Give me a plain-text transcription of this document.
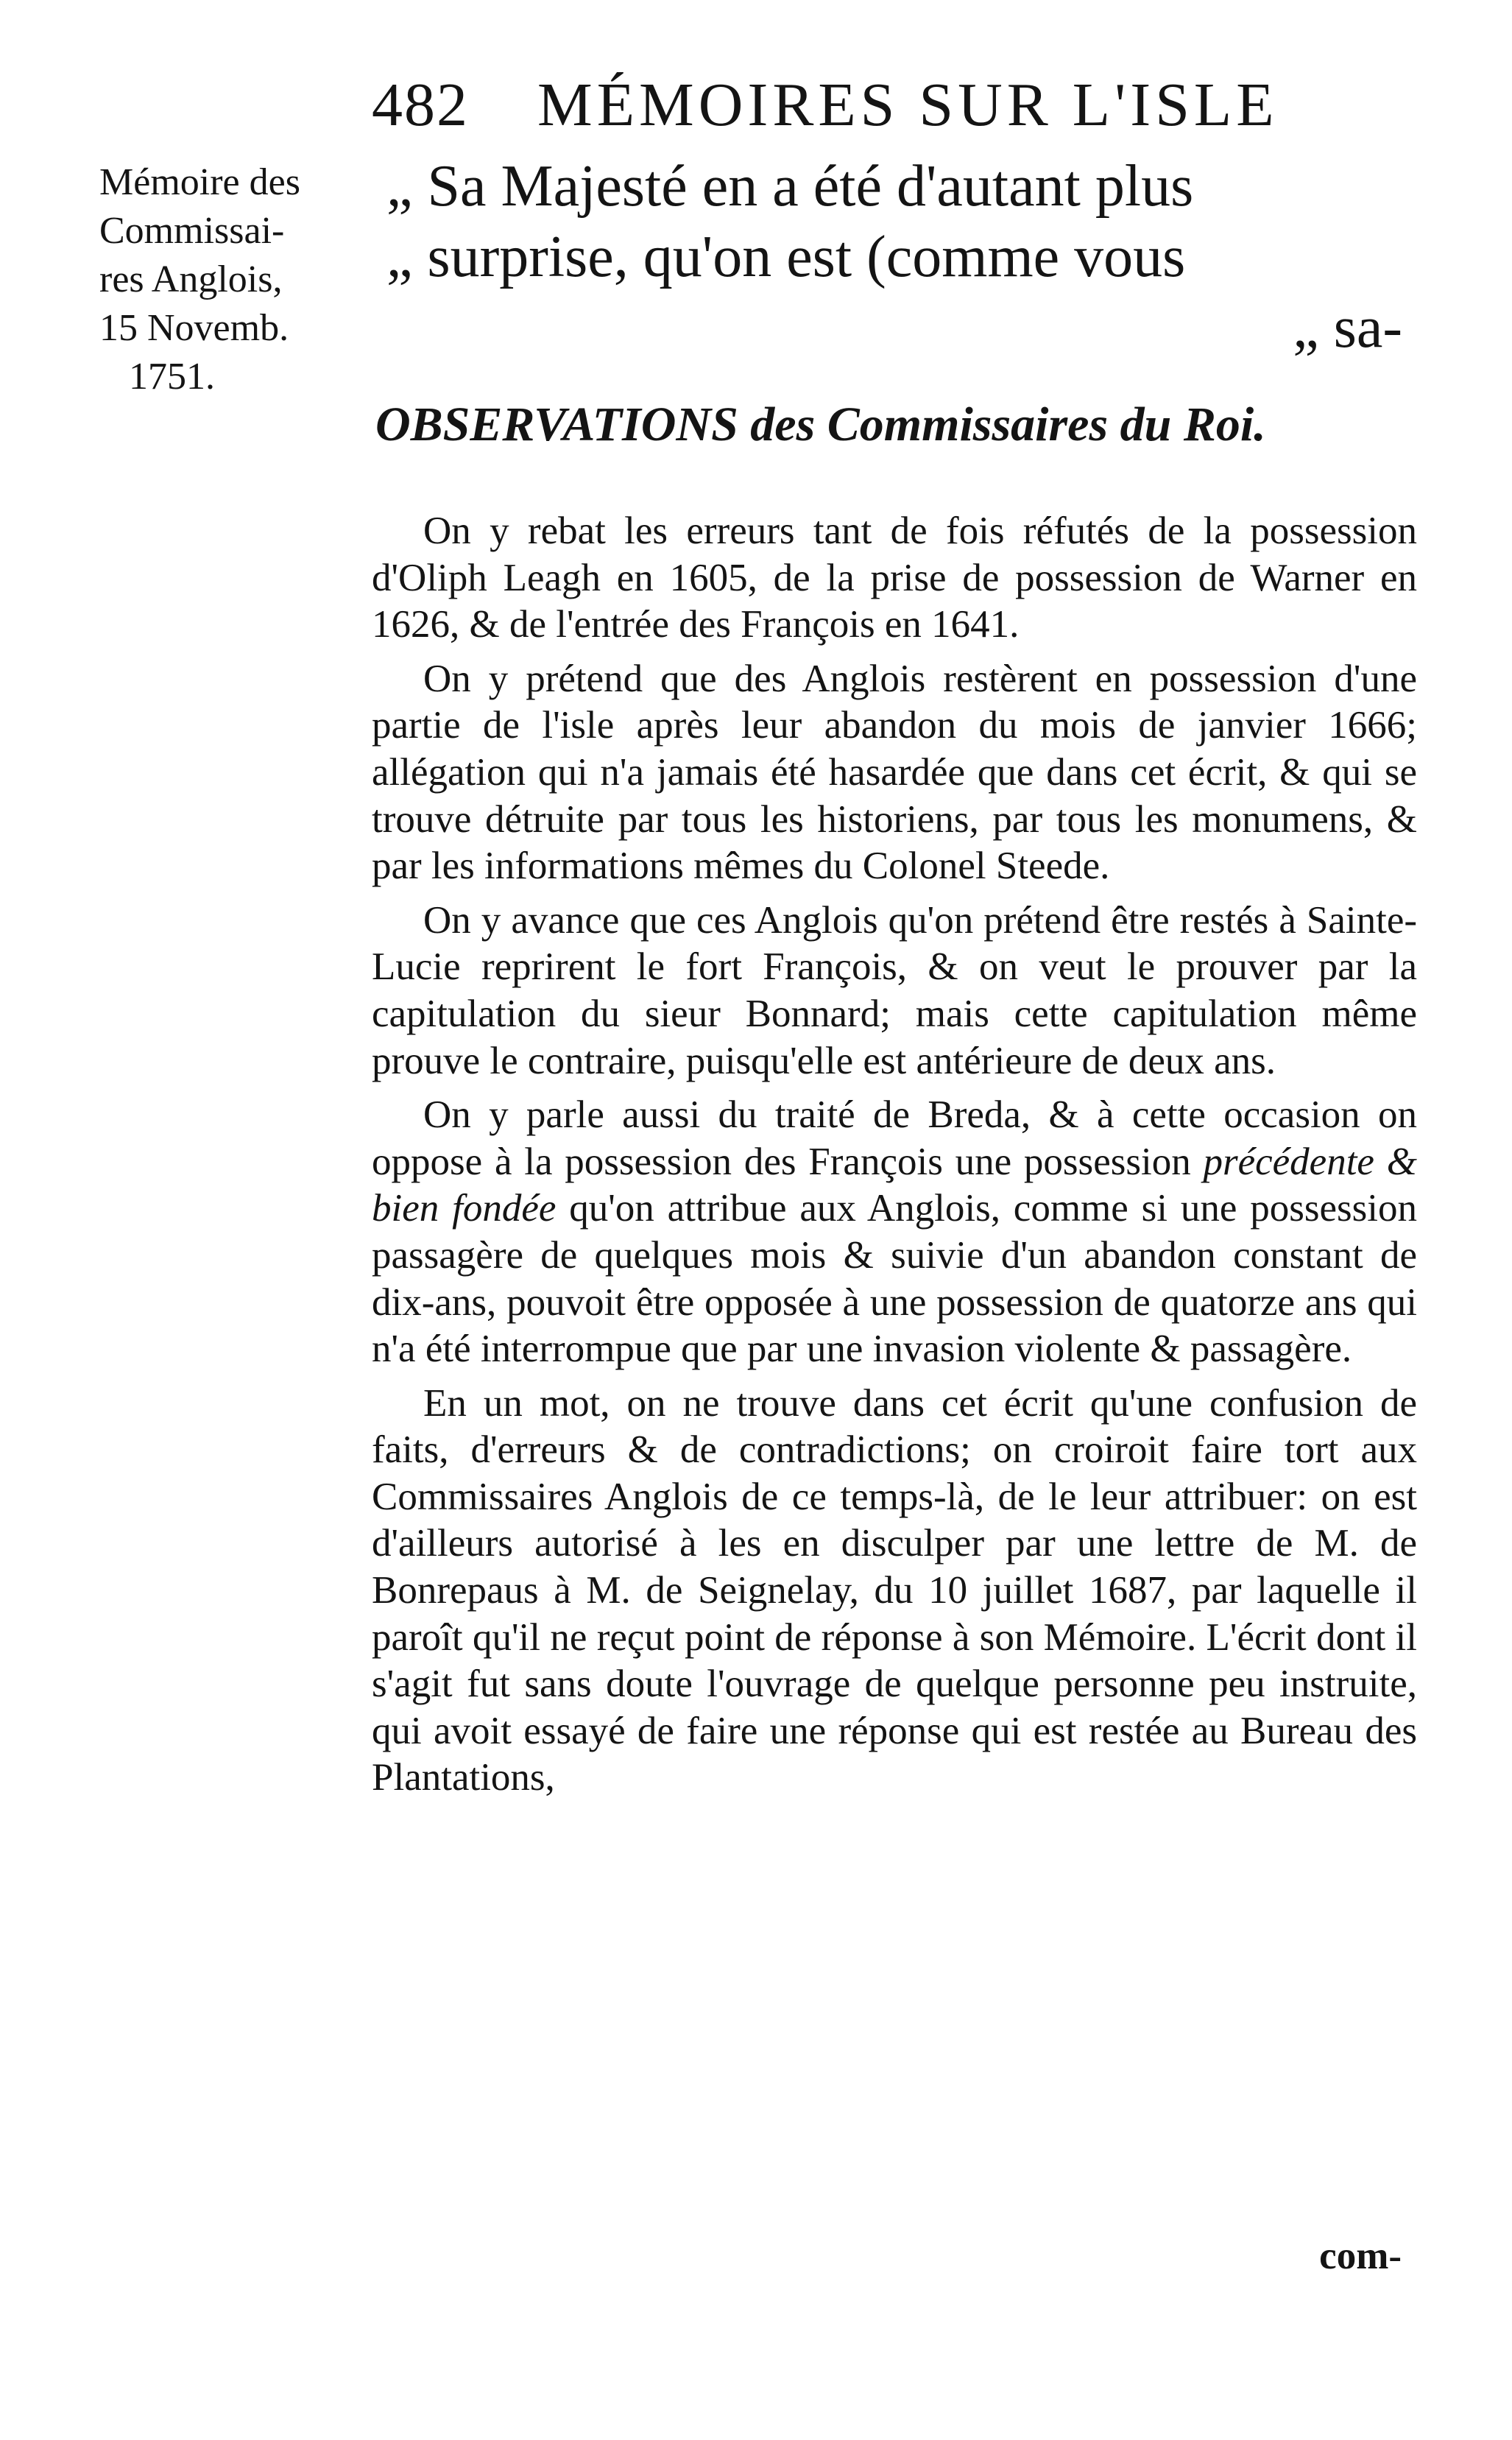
482 MÉMOIRES SUR L'ISLE
Mémoire des
Commissai-
res Anglois,
15 Novemb.
1751.
„ Sa Majesté en a été d'autant plus
„ surprise, qu'on est (comme vous
„ sa-
OBSERVATIONS des Commissaires du Roi.

On y rebat les erreurs tant de fois réfutés de la possession d'Oliph Leagh en 1605, de la prise de possession de Warner en 1626, & de l'entrée des François en 1641.

On y prétend que des Anglois restèrent en possession d'une partie de l'isle après leur abandon du mois de janvier 1666; allégation qui n'a jamais été hasardée que dans cet écrit, & qui se trouve détruite par tous les historiens, par tous les monumens, & par les informations mêmes du Colonel Steede.

On y avance que ces Anglois qu'on prétend être restés à Sainte-Lucie reprirent le fort François, & on veut le prouver par la capitulation du sieur Bonnard; mais cette capitulation même prouve le contraire, puisqu'elle est antérieure de deux ans.

On y parle aussi du traité de Breda, & à cette occasion on oppose à la possession des François une possession précédente & bien fondée qu'on attribue aux Anglois, comme si une possession passagère de quelques mois & suivie d'un abandon constant de dix-ans, pouvoit être opposée à une possession de quatorze ans qui n'a été interrompue que par une invasion violente & passagère.

En un mot, on ne trouve dans cet écrit qu'une confusion de faits, d'erreurs & de contradictions; on croiroit faire tort aux Commissaires Anglois de ce temps-là, de le leur attribuer: on est d'ailleurs autorisé à les en disculper par une lettre de M. de Bonrepaus à M. de Seignelay, du 10 juillet 1687, par laquelle il paroît qu'il ne reçut point de réponse à son Mémoire. L'écrit dont il s'agit fut sans doute l'ouvrage de quelque personne peu instruite, qui avoit essayé de faire une réponse qui est restée au Bureau des Plantations,

com-
